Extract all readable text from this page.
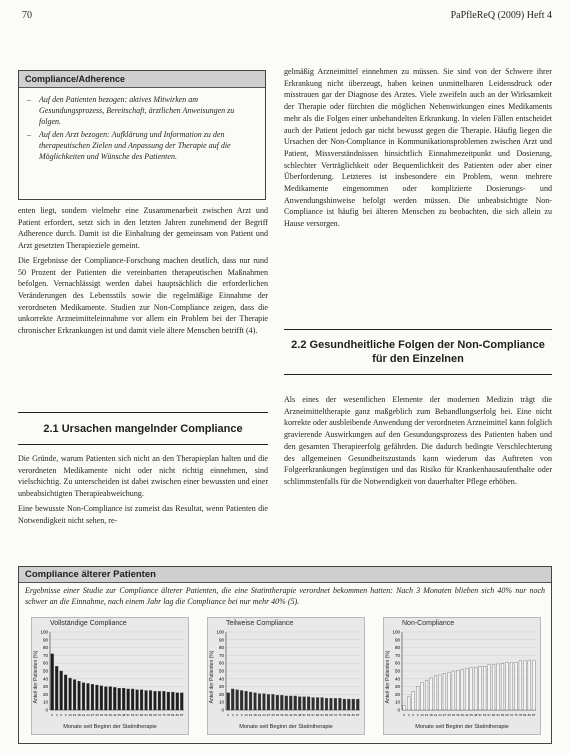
70	PaPfleReQ (2009) Heft 4
Compliance/Adherence
– Auf den Patienten bezogen: aktives Mitwirken am Gesundungsprozess, Bereitschaft, ärztlichen Anweisungen zu folgen.
– Auf den Arzt bezogen: Aufklärung und Information zu den therapeutischen Zielen und Anpassung der Therapie auf die Möglichkeiten und Wünsche des Patienten.

enten liegt, sondern vielmehr eine Zusammenarbeit zwischen Arzt und Patient erfordert, setzt sich in den letzten Jahren zunehmend der Begriff Adherence durch. Damit ist die Einhaltung der gemeinsam von Patient und Arzt gesetzten Therapieziele gemeint.

Die Ergebnisse der Compliance-Forschung machen deutlich, dass nur rund 50 Prozent der Patienten die vereinbarten therapeutischen Maßnahmen befolgen. Vernachlässigt werden dabei hauptsächlich die erforderlichen Veränderungen des Lebensstils sowie die regelmäßige Einnahme der verordneten Medikamente. Studien zur Non-Compliance zeigen, dass die unkorrekte Arzneimitteleinnahme vor allem ein Problem bei der Therapie chronischer Erkrankungen ist und damit viele ältere Menschen betrifft (4).

2.1 Ursachen mangelnder Compliance

Die Gründe, warum Patienten sich nicht an den Therapieplan halten und die verordneten Medikamente nicht oder nicht richtig einnehmen, sind vielschichtig. Zu unterscheiden ist dabei zwischen einer bewussten und einer unbeabsichtigten Therapieabweichung.

Eine bewusste Non-Compliance ist zumeist das Resultat, wenn Patienten die Notwendigkeit nicht sehen, re-

gelmäßig Arzneimittel einnehmen zu müssen. Sie sind von der Schwere ihrer Erkrankung nicht überzeugt, haben keinen unmittelbaren Leidensdruck oder misstrauen gar der Diagnose des Arztes. Viele zweifeln auch an der Wirksamkeit der Therapie oder fürchten die möglichen Nebenwirkungen eines Medikaments mehr als die Folgen einer unbehandelten Erkrankung. In vielen Fällen entscheidet auch der Patient jedoch gar nicht bewusst gegen die Therapie. Häufig liegen die Ursachen der Non-Compliance in Kommunikationsproblemen zwischen Arzt und Patient, Missverständnissen hinsichtlich Einnahmezeitpunkt und Dosierung, schlechter Verträglichkeit oder Bequemlichkeit des Patienten oder aber einer Überforderung. Letzteres ist insbesondere ein Problem, wenn mehrere Medikamente eingenommen oder komplizierte Dosierungs- und Anwendungshinweise befolgt werden müssen. Die unbeabsichtigte Non-Compliance ist häufig bei älteren Menschen zu beobachten, die sich allein zu Hause versorgen.

2.2 Gesundheitliche Folgen der Non-Compliance für den Einzelnen

Als eines der wesentlichen Elemente der modernen Medizin trägt die Arzneimitteltherapie ganz maßgeblich zum Behandlungserfolg bei. Eine nicht korrekte oder ausbleibende Anwendung der verordneten Arzneimittel kann folglich gravierende Auswirkungen auf den Gesundungsprozess des Patienten haben und den gesamten Therapieerfolg gefährden. Die dadurch bedingte Verschlechterung des allgemeinen Gesundheitszustands kann wiederum das Auftreten von Folgeerkrankungen begünstigen und das Risiko für Krankenhausaufenthalte oder schlimmstenfalls für die Notwendigkeit von dauerhafter Pflege erhöhen.

Compliance älterer Patienten
Ergebnisse einer Studie zur Compliance älterer Patienten, die eine Statintherapie verordnet bekommen hatten: Nach 3 Monaten blieben sich 40% nur noch schwer an die Einnahme, nach einem Jahr lag die Compliance bei nur mehr 40% (5).
0
10
20
30
40
50
60
70
80
90
100
0 3 6 9 12 15 18 21 24 27 30 33 36 39 42 45 48 51 54 57 60 63 66 69 72 75 78 81 84 87
Vollständige Compliance
Anteil der Patienten (%)
Monate seit Beginn der Statintherapie
0
10
20
30
40
50
60
70
80
90
100
0 3 6 9 12 15 18 21 24 27 30 33 36 39 42 45 48 51 54 57 60 63 66 69 72 75 78 81 84 87
Teilweise Compliance
Anteil der Patienten (%)
Monate seit Beginn der Statintherapie
0
10
20
30
40
50
60
70
80
90
100
0 3 6 9 12 15 18 21 24 27 30 33 36 39 42 45 48 51 54 57 60 63 66 69 72 75 78 81 84 87
Non-Compliance
Anteil der Patienten (%)
Monate seit Beginn der Statintherapie
